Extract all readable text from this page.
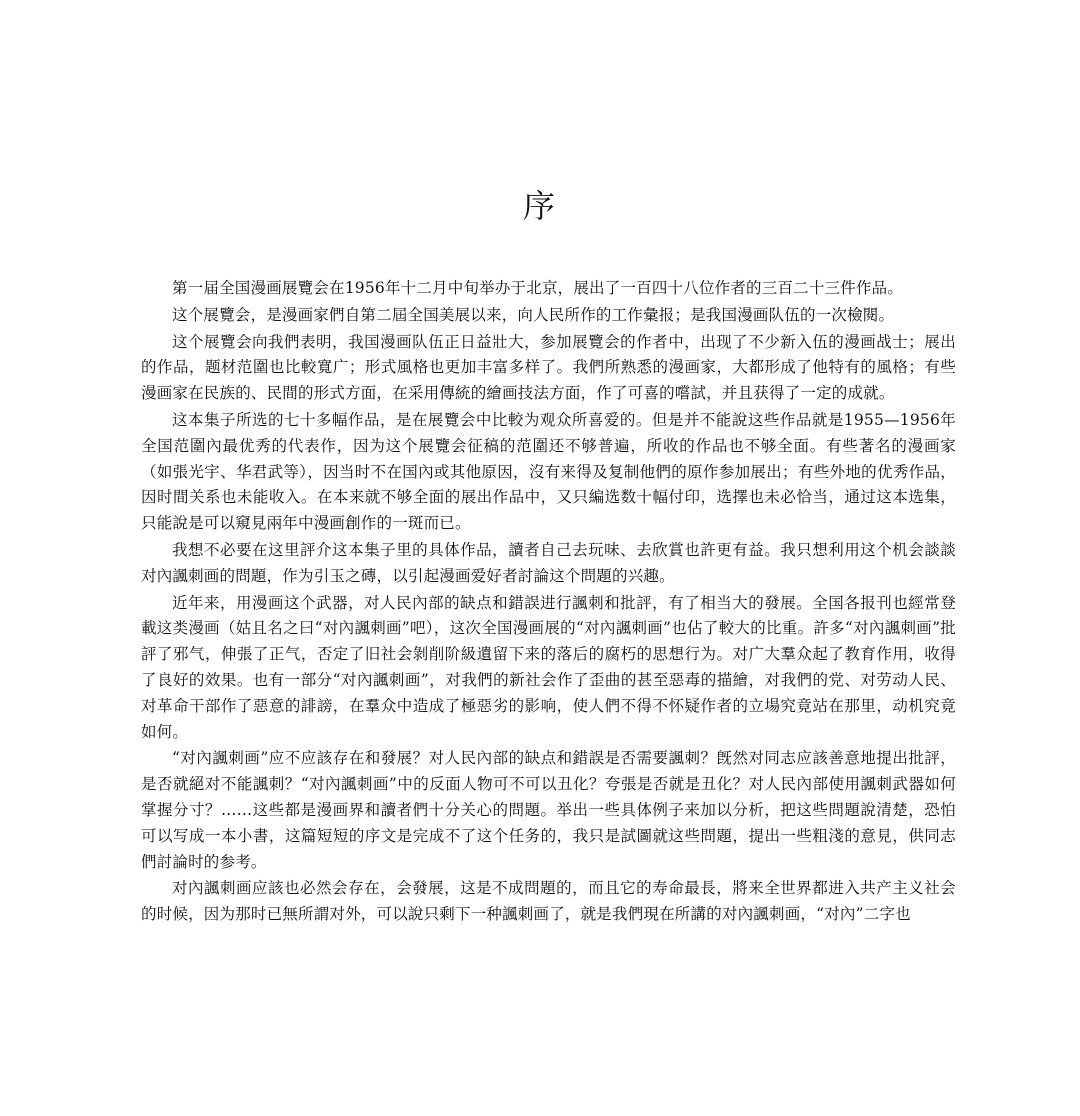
序

第一届全国漫画展覽会在1956年十二月中旬举办于北京，展出了一百四十八位作者的三百二十三件作品。

这个展覽会，是漫画家們自第二屆全国美展以来，向人民所作的工作彙报；是我国漫画队伍的一次檢閱。

这个展覽会向我們表明，我国漫画队伍正日益壯大，参加展覽会的作者中，出现了不少新入伍的漫画战士；展出的作品，题材范圍也比較寬广；形式風格也更加丰富多样了。我們所熟悉的漫画家，大都形成了他特有的風格；有些漫画家在民族的、民間的形式方面，在采用傳統的繪画技法方面，作了可喜的嚐試，并且获得了一定的成就。

这本集子所选的七十多幅作品，是在展覽会中比較为观众所喜爱的。但是并不能說这些作品就是1955—1956年全国范圍內最优秀的代表作，因为这个展覽会征稿的范圍还不够普遍，所收的作品也不够全面。有些著名的漫画家（如張光宇、华君武等），因当时不在国內或其他原因，沒有来得及复制他們的原作参加展出；有些外地的优秀作品，因时間关系也未能收入。在本来就不够全面的展出作品中，又只編选数十幅付印，选擇也未必恰当，通过这本选集，只能說是可以窺見兩年中漫画創作的一斑而已。

我想不必要在这里評介这本集子里的具体作品，讀者自己去玩味、去欣賞也許更有益。我只想利用这个机会談談对內諷刺画的問題，作为引玉之磚，以引起漫画爱好者討論这个問題的兴趣。

近年来，用漫画这个武器，对人民內部的缺点和錯誤进行諷刺和批評，有了相当大的發展。全国各报刊也經常登載这类漫画（姑且名之曰“对內諷刺画”吧），这次全国漫画展的“对內諷刺画”也佔了較大的比重。許多“对內諷刺画”批評了邪气，伸張了正气，否定了旧社会剝削阶級遺留下来的落后的腐朽的思想行为。对广大羣众起了教育作用，收得了良好的效果。也有一部分“对內諷刺画”，对我們的新社会作了歪曲的甚至惡毒的描繪，对我們的党、对劳动人民、对革命干部作了惡意的誹謗，在羣众中造成了極惡劣的影响，使人們不得不怀疑作者的立場究竟站在那里，动机究竟如何。

“对內諷刺画”应不应該存在和發展？对人民內部的缺点和錯誤是否需要諷刺？旣然对同志应該善意地提出批評，是否就絕对不能諷刺？“对內諷刺画”中的反面人物可不可以丑化？夸張是否就是丑化？对人民內部使用諷刺武器如何掌握分寸？……这些都是漫画界和讀者們十分关心的問題。举出一些具体例子来加以分析，把这些問題說清楚，恐怕可以写成一本小書，这篇短短的序文是完成不了这个任务的，我只是試圖就这些問題，提出一些粗淺的意見，供同志們討論时的参考。

对內諷刺画应該也必然会存在，会發展，这是不成問題的，而且它的寿命最長，將来全世界都进入共产主义社会的时候，因为那时已無所謂对外，可以說只剩下一种諷刺画了，就是我們現在所講的对內諷刺画，“对內”二字也
